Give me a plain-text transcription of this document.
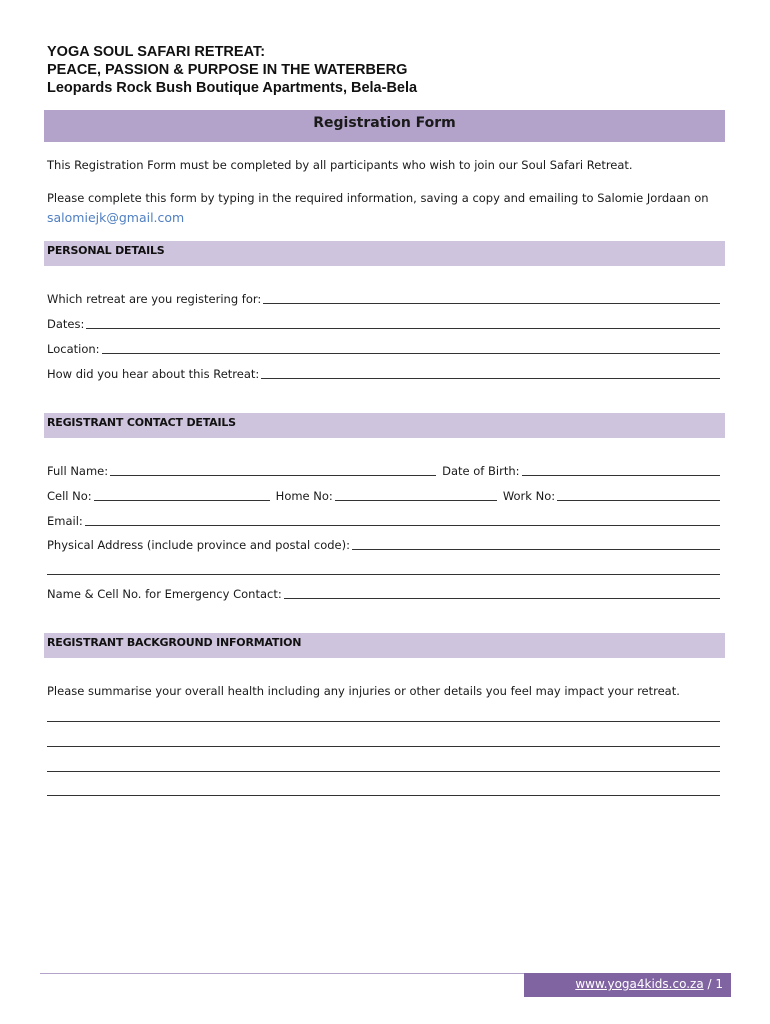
YOGA SOUL SAFARI RETREAT:
PEACE, PASSION & PURPOSE IN THE WATERBERG
Leopards Rock Bush Boutique Apartments, Bela-Bela
Registration Form
This Registration Form must be completed by all participants who wish to join our Soul Safari Retreat.
Please complete this form by typing in the required information, saving a copy and emailing to Salomie Jordaan on
salomiejk@gmail.com
PERSONAL DETAILS
Which retreat are you registering for:
Dates:
Location:
How did you hear about this Retreat:
REGISTRANT CONTACT DETAILS
Full Name:	Date of Birth:
Cell No:	Home No:	Work No:
Email:
Physical Address (include province and postal code):
Name & Cell No. for Emergency Contact:
REGISTRANT BACKGROUND INFORMATION
Please summarise your overall health including any injuries or other details you feel may impact your retreat.
www.yoga4kids.co.za / 1
